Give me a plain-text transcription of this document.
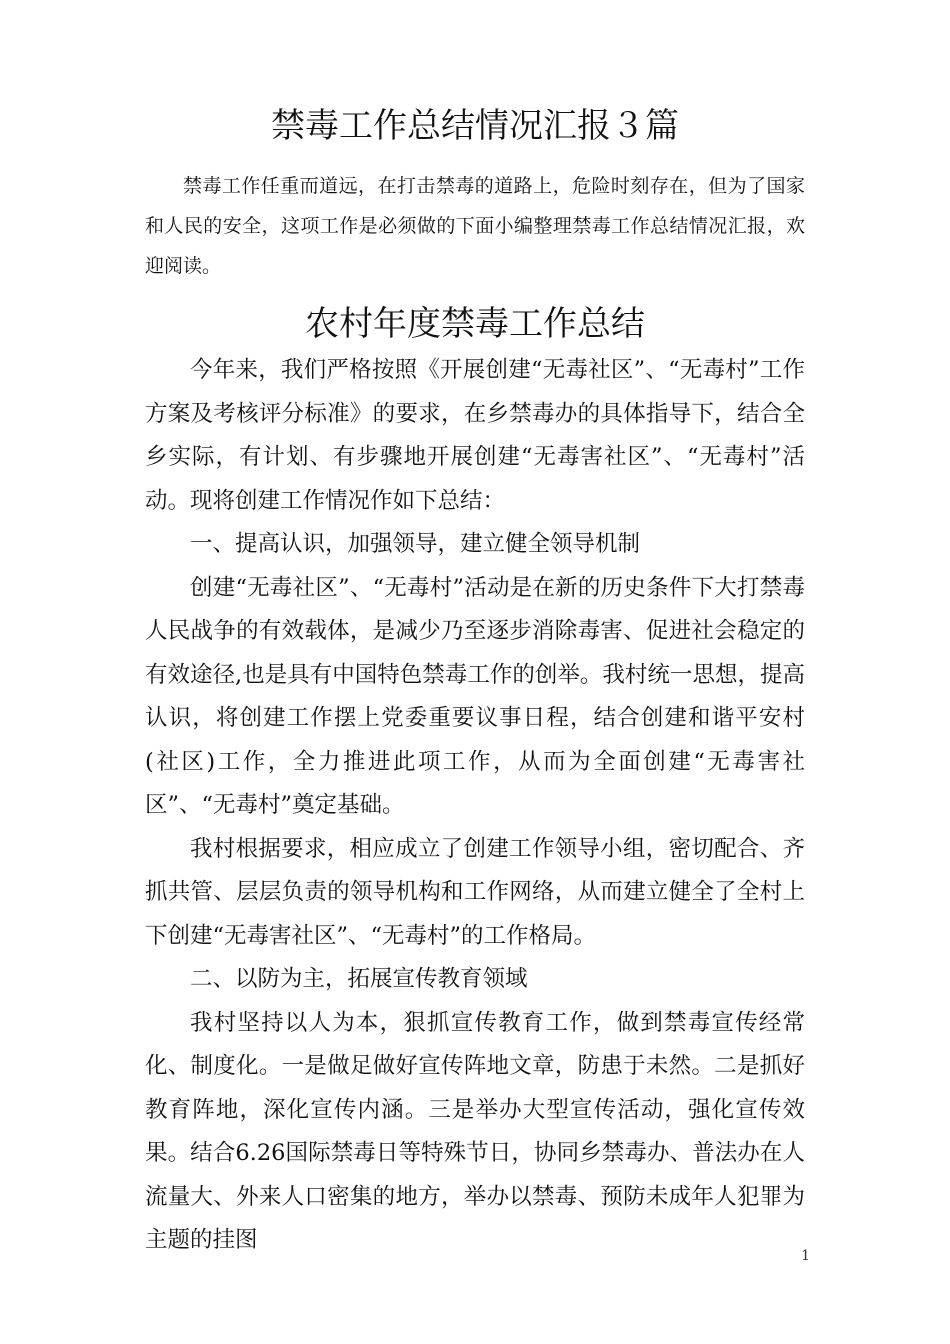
禁毒工作总结情况汇报３篇

禁毒工作任重而道远，在打击禁毒的道路上，危险时刻存在，但为了国家和人民的安全，这项工作是必须做的下面小编整理禁毒工作总结情况汇报，欢迎阅读。

农村年度禁毒工作总结

今年来，我们严格按照《开展创建“无毒社区”、“无毒村”工作方案及考核评分标准》的要求，在乡禁毒办的具体指导下，结合全乡实际，有计划、有步骤地开展创建“无毒害社区”、“无毒村”活动。现将创建工作情况作如下总结：

一、提高认识，加强领导，建立健全领导机制

创建“无毒社区”、“无毒村”活动是在新的历史条件下大打禁毒人民战争的有效载体，是减少乃至逐步消除毒害、促进社会稳定的有效途径,也是具有中国特色禁毒工作的创举。我村统一思想，提高认识，将创建工作摆上党委重要议事日程，结合创建和谐平安村(社区)工作，全力推进此项工作，从而为全面创建“无毒害社区”、“无毒村”奠定基础。

我村根据要求，相应成立了创建工作领导小组，密切配合、齐抓共管、层层负责的领导机构和工作网络，从而建立健全了全村上下创建“无毒害社区”、“无毒村”的工作格局。

二、以防为主，拓展宣传教育领域

我村坚持以人为本，狠抓宣传教育工作，做到禁毒宣传经常化、制度化。一是做足做好宣传阵地文章，防患于未然。二是抓好教育阵地，深化宣传内涵。三是举办大型宣传活动，强化宣传效果。结合6.26国际禁毒日等特殊节日，协同乡禁毒办、普法办在人流量大、外来人口密集的地方，举办以禁毒、预防未成年人犯罪为主题的挂图

1
